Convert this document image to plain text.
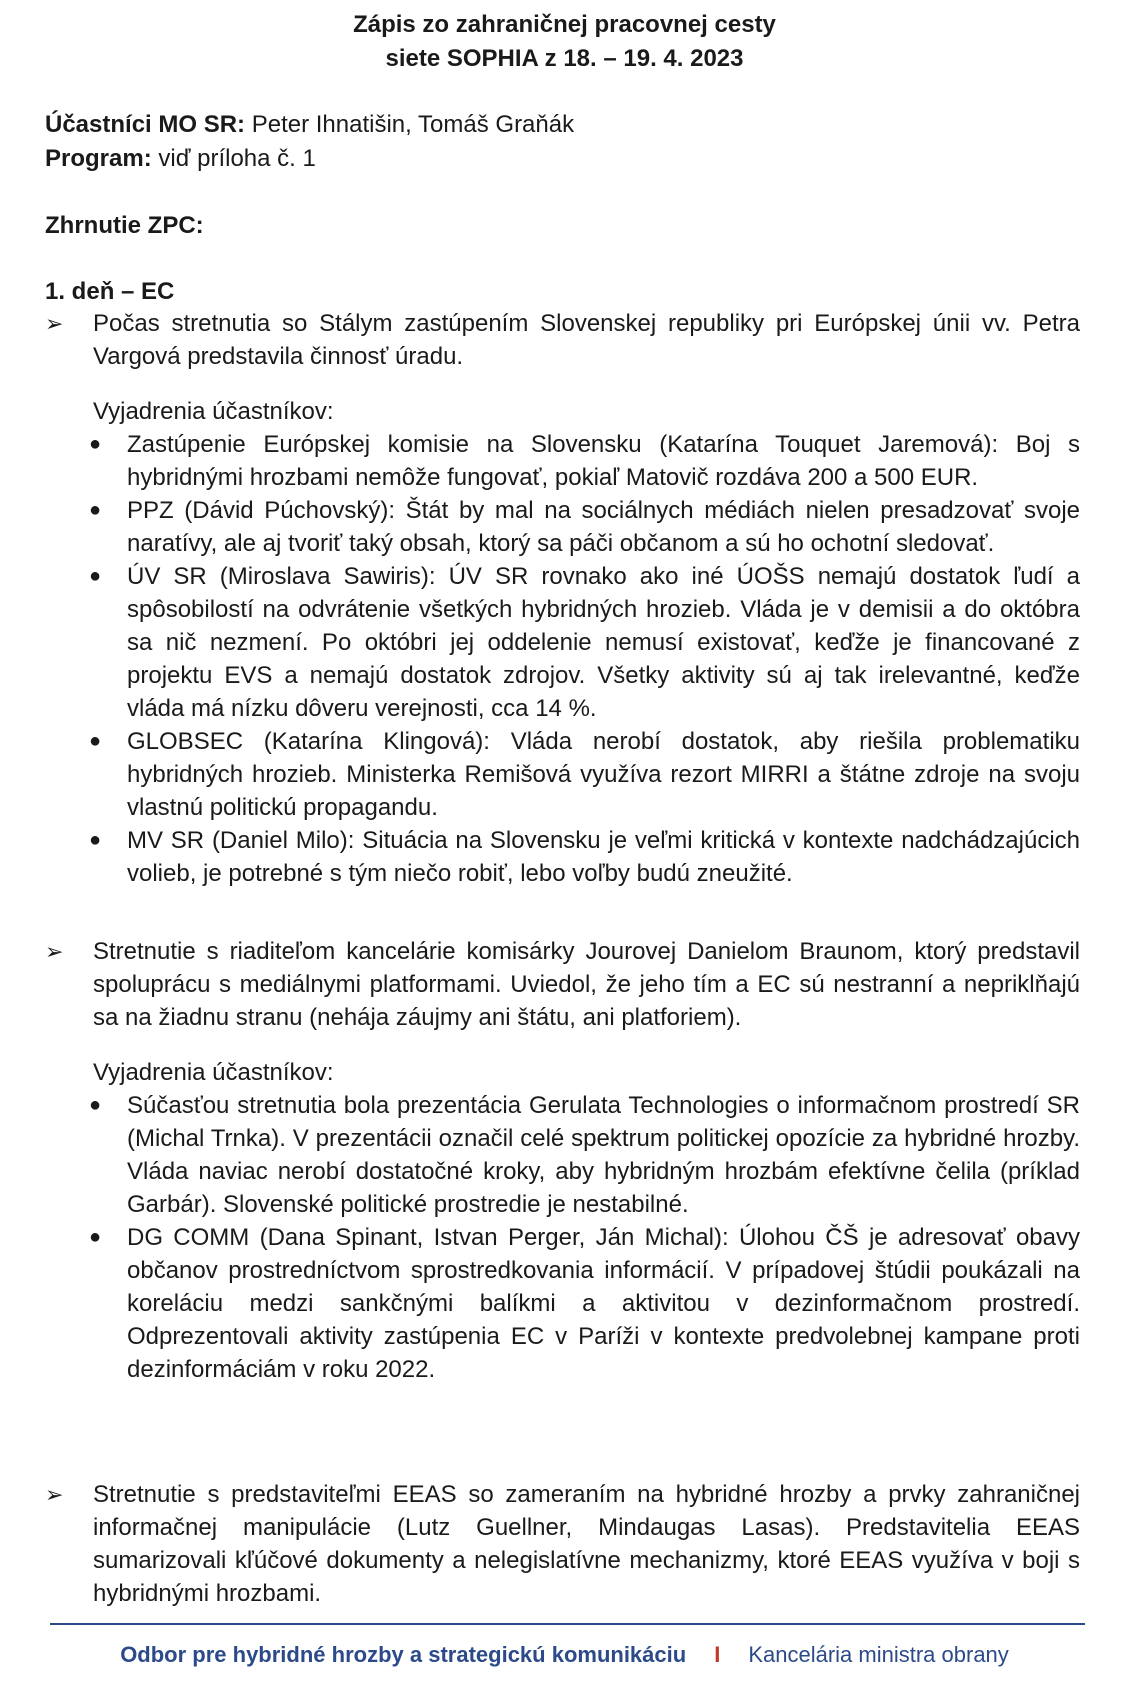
Zápis zo zahraničnej pracovnej cesty
siete SOPHIA z 18. – 19. 4. 2023

Účastníci MO SR: Peter Ihnatišin, Tomáš Graňák
Program: viď príloha č. 1
Zhrnutie ZPC:
1. deň – EC
➢	Počas stretnutia so Stálym zastúpením Slovenskej republiky pri Európskej únii vv. Petra Vargová predstavila činnosť úradu.
Vyjadrenia účastníkov:
● Zastúpenie Európskej komisie na Slovensku (Katarína Touquet Jaremová): Boj s hybridnými hrozbami nemôže fungovať, pokiaľ Matovič rozdáva 200 a 500 EUR.
● PPZ (Dávid Púchovský): Štát by mal na sociálnych médiách nielen presadzovať svoje naratívy, ale aj tvoriť taký obsah, ktorý sa páči občanom a sú ho ochotní sledovať.
● ÚV SR (Miroslava Sawiris): ÚV SR rovnako ako iné ÚOŠS nemajú dostatok ľudí a spôsobilostí na odvrátenie všetkých hybridných hrozieb. Vláda je v demisii a do októbra sa nič nezmení. Po októbri jej oddelenie nemusí existovať, keďže je financované z projektu EVS a nemajú dostatok zdrojov. Všetky aktivity sú aj tak irelevantné, keďže vláda má nízku dôveru verejnosti, cca 14 %.
● GLOBSEC (Katarína Klingová): Vláda nerobí dostatok, aby riešila problematiku hybridných hrozieb. Ministerka Remišová využíva rezort MIRRI a štátne zdroje na svoju vlastnú politickú propagandu.
● MV SR (Daniel Milo): Situácia na Slovensku je veľmi kritická v kontexte nadchádzajúcich volieb, je potrebné s tým niečo robiť, lebo voľby budú zneužité.
➢	Stretnutie s riaditeľom kancelárie komisárky Jourovej Danielom Braunom, ktorý predstavil spoluprácu s mediálnymi platformami. Uviedol, že jeho tím a EC sú nestranní a nepriklňajú sa na žiadnu stranu (nehája záujmy ani štátu, ani platforiem).
Vyjadrenia účastníkov:
● Súčasťou stretnutia bola prezentácia Gerulata Technologies o informačnom prostredí SR (Michal Trnka). V prezentácii označil celé spektrum politickej opozície za hybridné hrozby. Vláda naviac nerobí dostatočné kroky, aby hybridným hrozbám efektívne čelila (príklad Garbár). Slovenské politické prostredie je nestabilné.
● DG COMM (Dana Spinant, Istvan Perger, Ján Michal): Úlohou ČŠ je adresovať obavy občanov prostredníctvom sprostredkovania informácií. V prípadovej štúdii poukázali na koreláciu medzi sankčnými balíkmi a aktivitou v dezinformačnom prostredí. Odprezentovali aktivity zastúpenia EC v Paríži v kontexte predvolebnej kampane proti dezinformáciám v roku 2022.
➢	Stretnutie s predstaviteľmi EEAS so zameraním na hybridné hrozby a prvky zahraničnej informačnej manipulácie (Lutz Guellner, Mindaugas Lasas). Predstavitelia EEAS sumarizovali kľúčové dokumenty a nelegislatívne mechanizmy, ktoré EEAS využíva v boji s hybridnými hrozbami.
Odbor pre hybridné hrozby a strategickú komunikáciu I Kancelária ministra obrany
